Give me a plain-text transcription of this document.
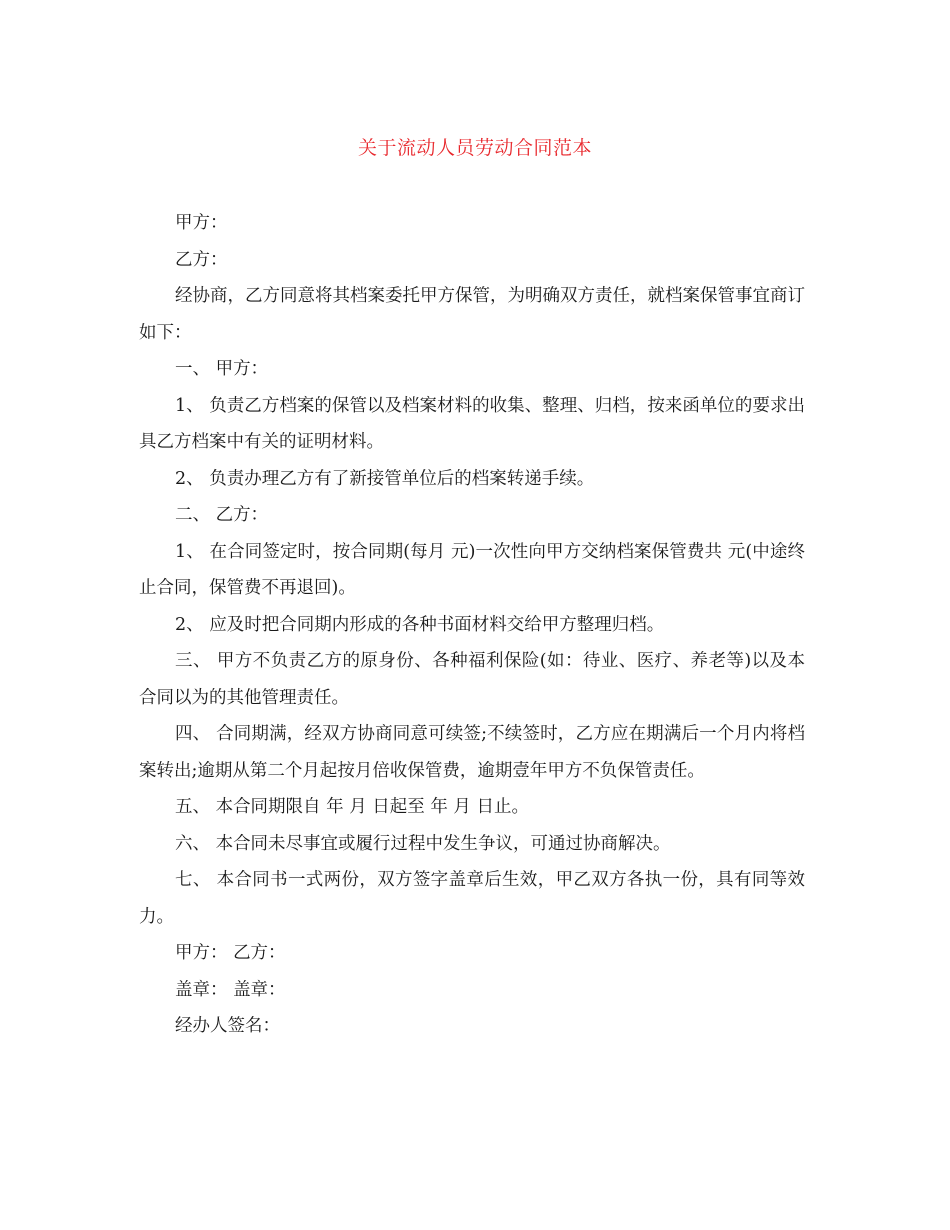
关于流动人员劳动合同范本

甲方：

乙方：

经协商，乙方同意将其档案委托甲方保管，为明确双方责任，就档案保管事宜商订如下：

一、 甲方：

1、 负责乙方档案的保管以及档案材料的收集、整理、归档，按来函单位的要求出具乙方档案中有关的证明材料。

2、 负责办理乙方有了新接管单位后的档案转递手续。

二、 乙方：

1、 在合同签定时，按合同期(每月 元)一次性向甲方交纳档案保管费共 元(中途终止合同，保管费不再退回)。

2、 应及时把合同期内形成的各种书面材料交给甲方整理归档。

三、 甲方不负责乙方的原身份、各种福利保险(如：待业、医疗、养老等)以及本合同以为的其他管理责任。

四、 合同期满，经双方协商同意可续签;不续签时，乙方应在期满后一个月内将档案转出;逾期从第二个月起按月倍收保管费，逾期壹年甲方不负保管责任。

五、 本合同期限自 年 月 日起至 年 月 日止。

六、 本合同未尽事宜或履行过程中发生争议，可通过协商解决。

七、 本合同书一式两份，双方签字盖章后生效，甲乙双方各执一份，具有同等效力。

甲方： 乙方：

盖章： 盖章：

经办人签名：
